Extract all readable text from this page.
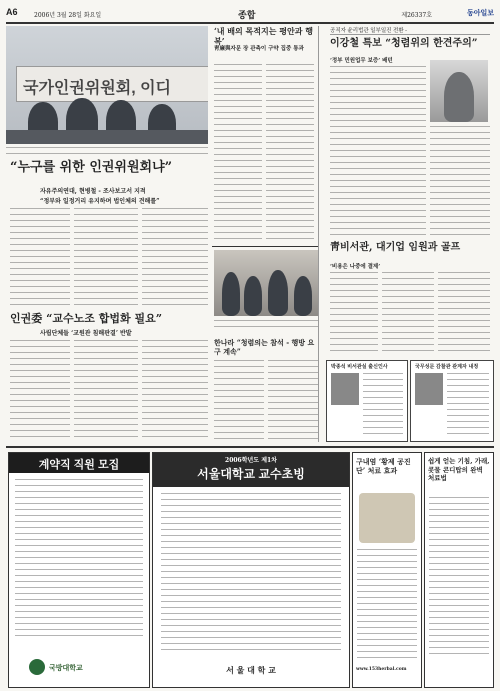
A6	2006년 3월 28일 화요일	종합	제26337호	동아일보
국가인권위원회, 이디
‘내 배의 목적지는 평안과 행복’
靑廉與자문 장 관측이 구약 집중 통과
공직자 윤리법관 일부일진 전환 -
이강철 특보 “청렴위의 한견주의”
‘정부 민원업무 보증’ 배턴
“누구를 위한 인권위원회냐”
자유주의연대, 현병철 - 조사보고서 지적
“정부와 일정거리 유지하며 법인체의 견해를”
인권委 “교수노조 합법화 필요”
사립단체들 ‘교원관 침해판결’ 반발
한나라 “청렴의는 참석 - 행방 요구 계속”
靑비서관, 대기업 임원과 골프
‘비용은 나중에 결제’
박종석 비서관실 출신인사	국무성문 감찰관 관계자 내정
계약직 직원 모집
국방대학교
2006학년도 제1차
서울대학교 교수초빙
서 울 대 학 교
구내염 ‘황제 공진단’ 처료 효과
www.153herbal.com
쉽게 얻는 기침, 가래, 콧물 콘디탑의 완벽 처료법
